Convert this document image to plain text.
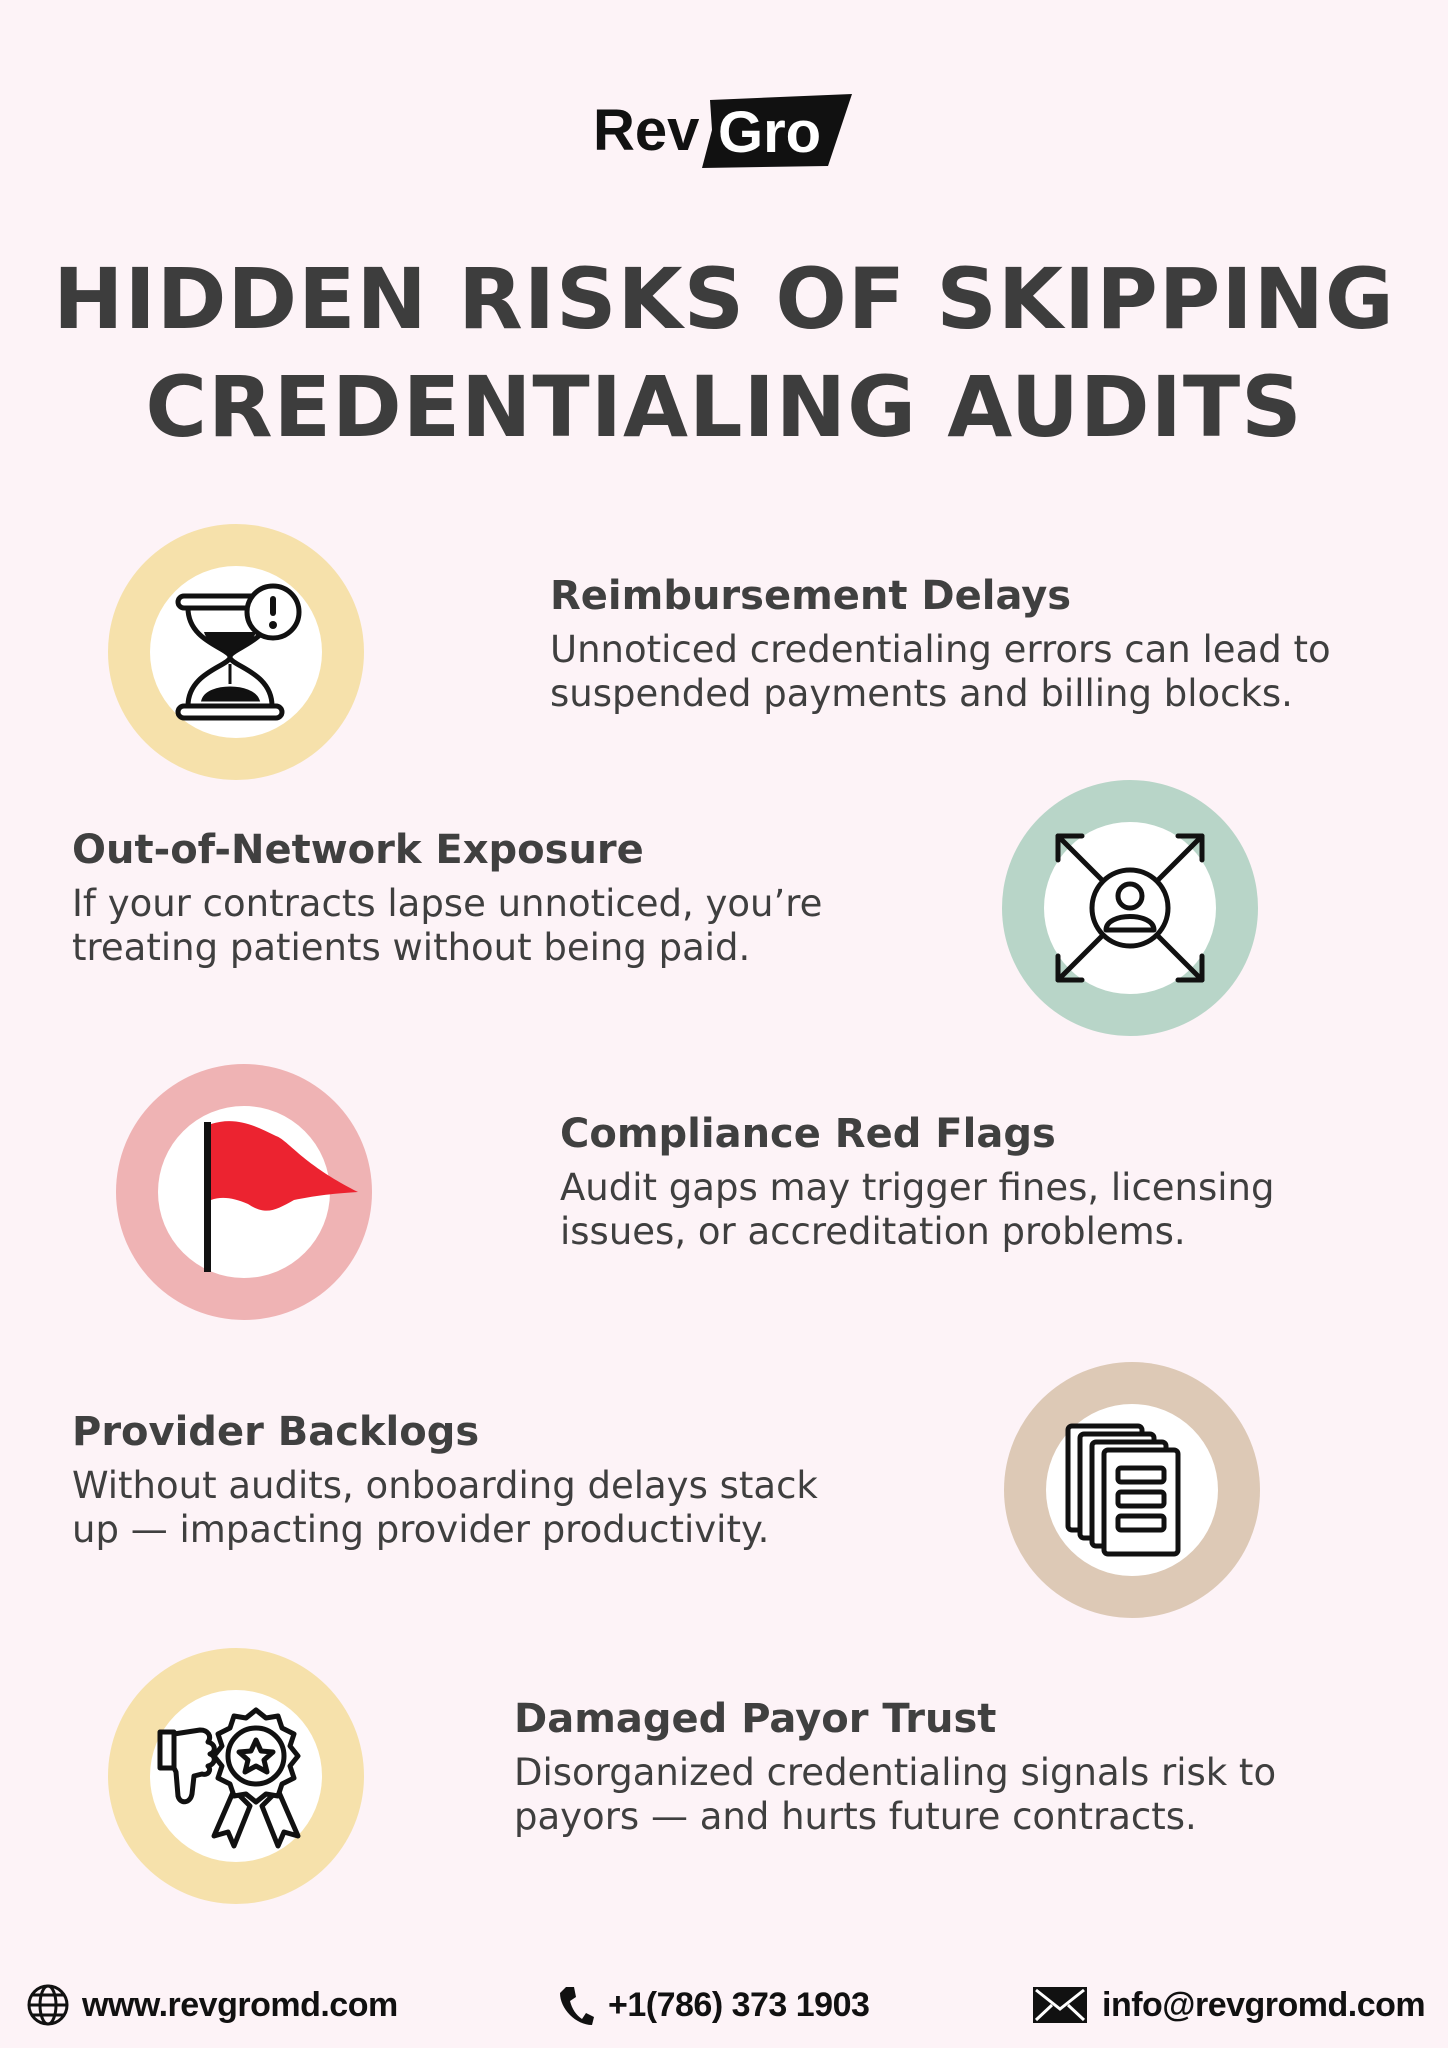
Rev Gro
HIDDEN RISKS OF SKIPPING
CREDENTIALING AUDITS
Reimbursement Delays

Unnoticed credentialing errors can lead to
suspended payments and billing blocks.

Out-of-Network Exposure

If your contracts lapse unnoticed, you’re
treating patients without being paid.

Compliance Red Flags

Audit gaps may trigger fines, licensing
issues, or accreditation problems.

Provider Backlogs

Without audits, onboarding delays stack
up — impacting provider productivity.

Damaged Payor Trust

Disorganized credentialing signals risk to
payors — and hurts future contracts.

www.revgromd.com	+1(786) 373 1903	info@revgromd.com
